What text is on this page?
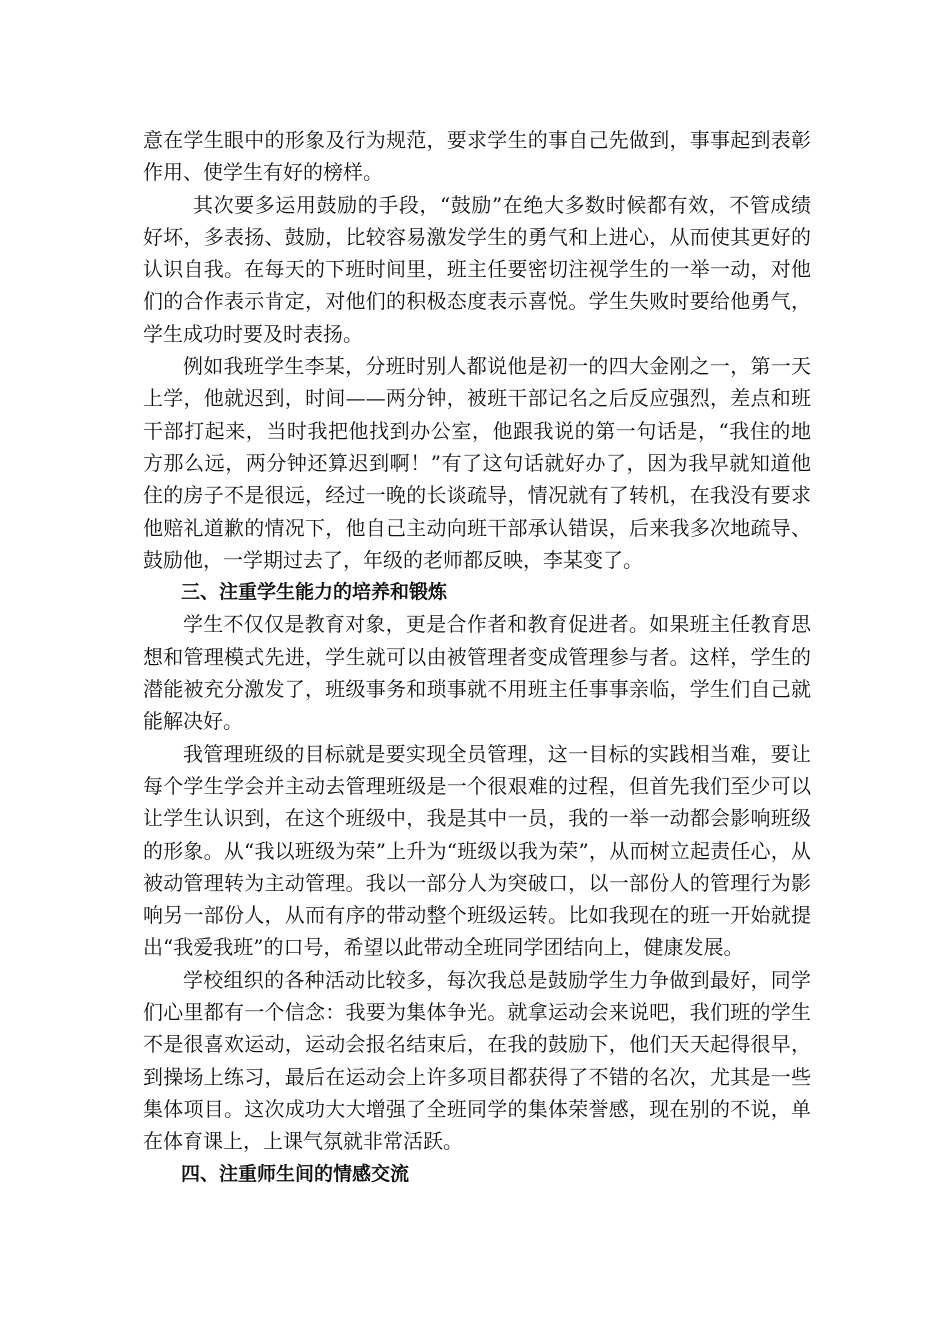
意在学生眼中的形象及行为规范，要求学生的事自己先做到，事事起到表彰作用、使学生有好的榜样。

其次要多运用鼓励的手段，“鼓励”在绝大多数时候都有效，不管成绩好坏，多表扬、鼓励，比较容易激发学生的勇气和上进心，从而使其更好的认识自我。在每天的下班时间里，班主任要密切注视学生的一举一动，对他们的合作表示肯定，对他们的积极态度表示喜悦。学生失败时要给他勇气，学生成功时要及时表扬。

例如我班学生李某，分班时别人都说他是初一的四大金刚之一，第一天上学，他就迟到，时间——两分钟，被班干部记名之后反应强烈，差点和班干部打起来，当时我把他找到办公室，他跟我说的第一句话是，“我住的地方那么远，两分钟还算迟到啊！”有了这句话就好办了，因为我早就知道他住的房子不是很远，经过一晚的长谈疏导，情况就有了转机，在我没有要求他赔礼道歉的情况下，他自己主动向班干部承认错误，后来我多次地疏导、鼓励他，一学期过去了，年级的老师都反映，李某变了。

三、注重学生能力的培养和锻炼

学生不仅仅是教育对象，更是合作者和教育促进者。如果班主任教育思想和管理模式先进，学生就可以由被管理者变成管理参与者。这样，学生的潜能被充分激发了，班级事务和琐事就不用班主任事事亲临，学生们自己就能解决好。

我管理班级的目标就是要实现全员管理，这一目标的实践相当难，要让每个学生学会并主动去管理班级是一个很艰难的过程，但首先我们至少可以让学生认识到，在这个班级中，我是其中一员，我的一举一动都会影响班级的形象。从“我以班级为荣”上升为“班级以我为荣”，从而树立起责任心，从被动管理转为主动管理。我以一部分人为突破口，以一部份人的管理行为影响另一部份人，从而有序的带动整个班级运转。比如我现在的班一开始就提出“我爱我班”的口号，希望以此带动全班同学团结向上，健康发展。

学校组织的各种活动比较多，每次我总是鼓励学生力争做到最好，同学们心里都有一个信念：我要为集体争光。就拿运动会来说吧，我们班的学生不是很喜欢运动，运动会报名结束后，在我的鼓励下，他们天天起得很早，到操场上练习，最后在运动会上许多项目都获得了不错的名次，尤其是一些集体项目。这次成功大大增强了全班同学的集体荣誉感，现在别的不说，单在体育课上，上课气氛就非常活跃。

四、注重师生间的情感交流
